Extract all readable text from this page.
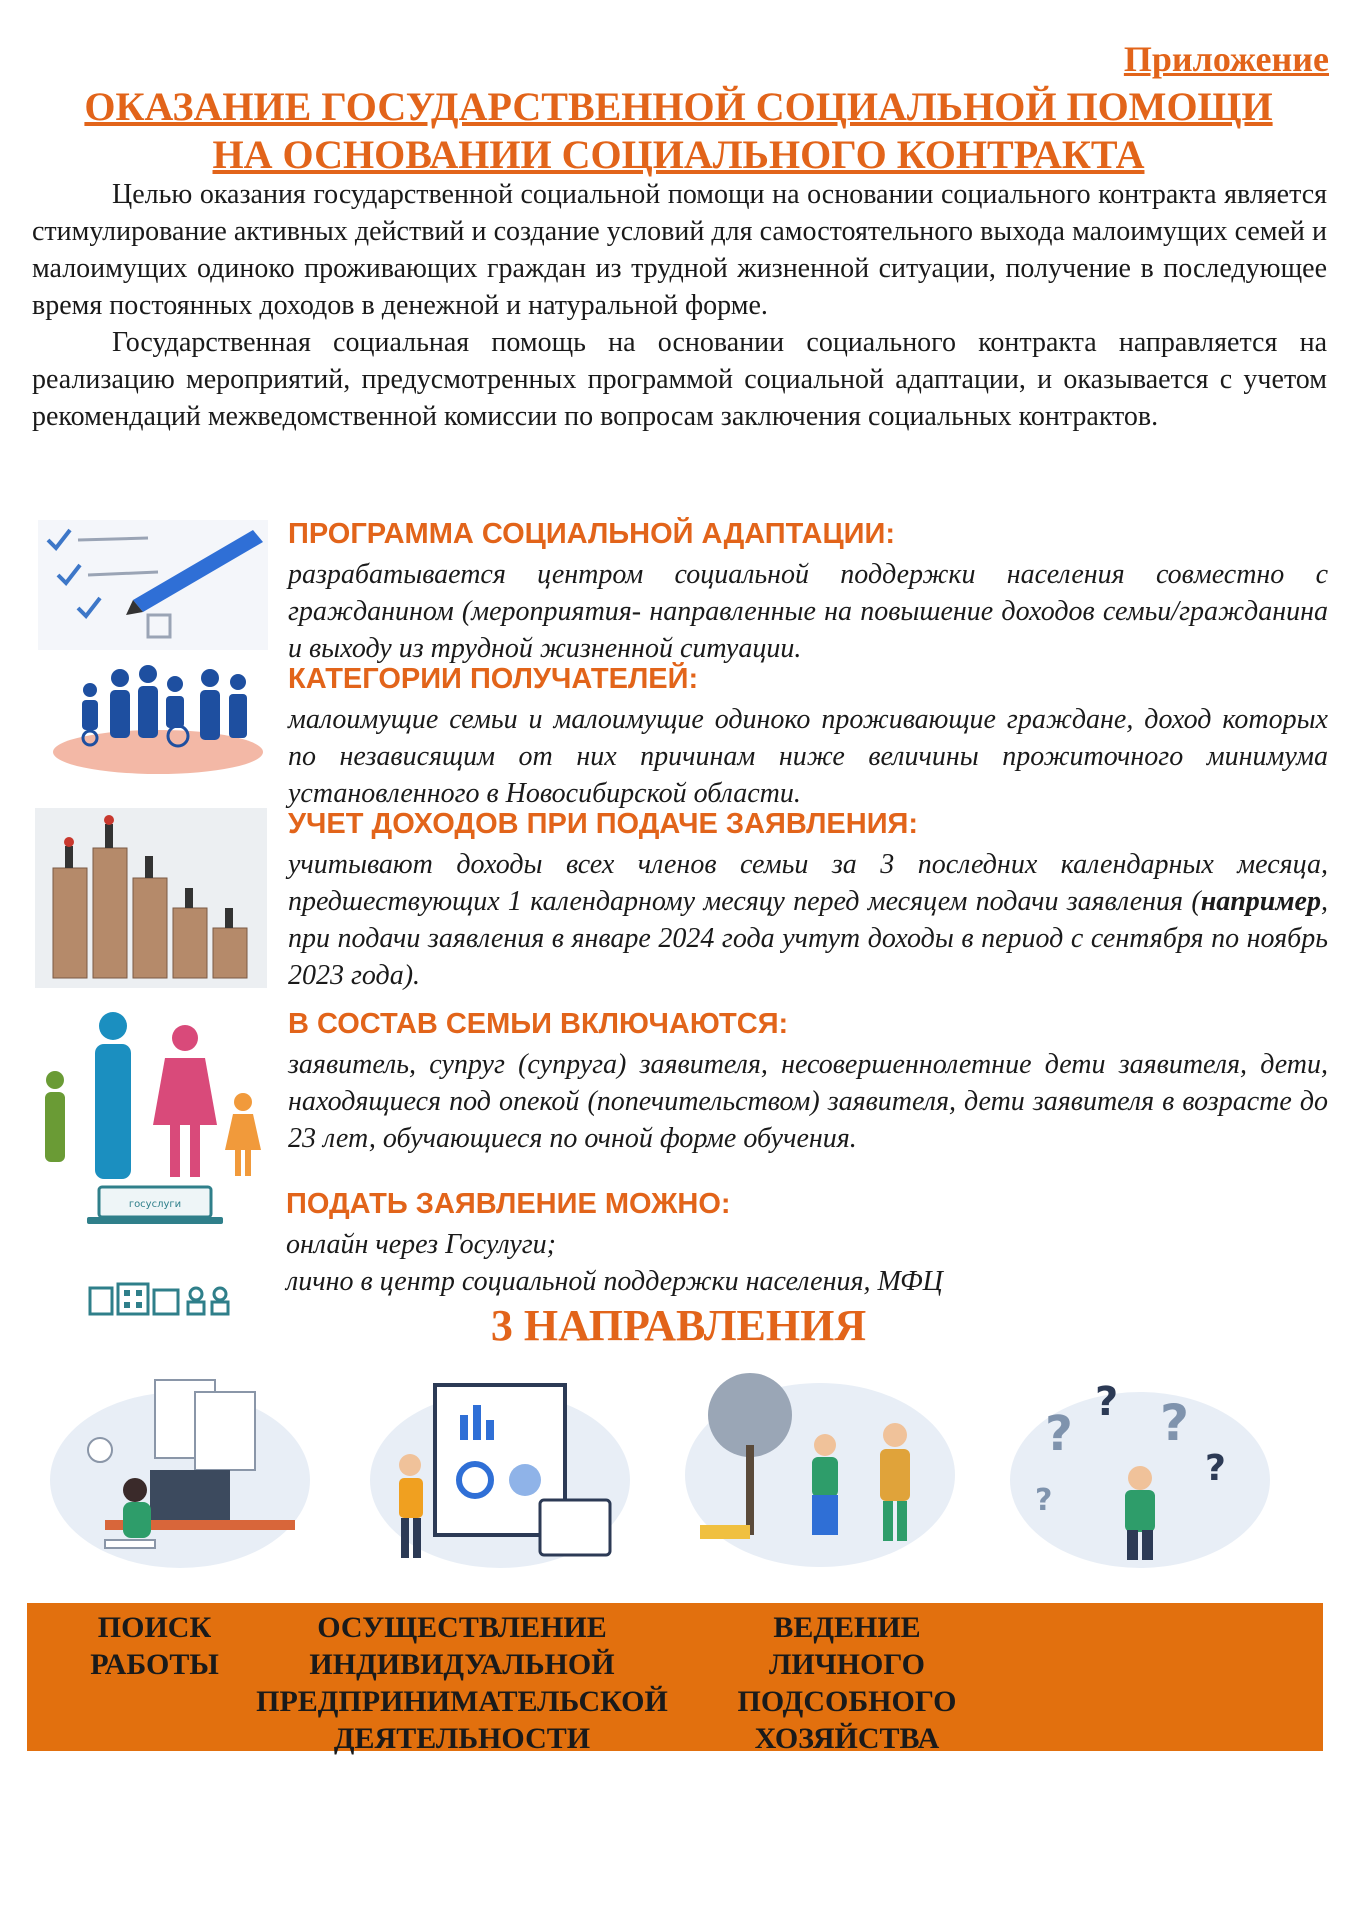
Приложение
ОКАЗАНИЕ ГОСУДАРСТВЕННОЙ СОЦИАЛЬНОЙ ПОМОЩИ
НА ОСНОВАНИИ СОЦИАЛЬНОГО КОНТРАКТА

Целью оказания государственной социальной помощи на основании социального контракта является стимулирование активных действий и создание условий для самостоятельного выхода малоимущих семей и малоимущих одиноко проживающих граждан из трудной жизненной ситуации, получение в последующее время постоянных доходов в денежной и натуральной форме.

Государственная социальная помощь на основании социального контракта направляется на реализацию мероприятий, предусмотренных программой социальной адаптации, и оказывается с учетом рекомендаций межведомственной комиссии по вопросам заключения социальных контрактов.

ПРОГРАММА СОЦИАЛЬНОЙ АДАПТАЦИИ:
разрабатывается центром социальной поддержки населения совместно с гражданином (мероприятия- направленные на повышение доходов семьи/гражданина и выходу из трудной жизненной ситуации.
КАТЕГОРИИ ПОЛУЧАТЕЛЕЙ:
малоимущие семьи и малоимущие одиноко проживающие граждане, доход которых по независящим от них причинам ниже величины прожиточного минимума установленного в Новосибирской области.
УЧЕТ ДОХОДОВ ПРИ ПОДАЧЕ ЗАЯВЛЕНИЯ:
учитывают доходы всех членов семьи за 3 последних календарных месяца, предшествующих 1 календарному месяцу перед месяцем подачи заявления (например, при подачи заявления в январе 2024 года учтут доходы в период с сентября по ноябрь 2023 года).
В СОСТАВ СЕМЬИ ВКЛЮЧАЮТСЯ:
заявитель, супруг (супруга) заявителя, несовершеннолетние дети заявителя, дети, находящиеся под опекой (попечительством) заявителя, дети заявителя в возрасте до 23 лет, обучающиеся по очной форме обучения.
госуслуги	ПОДАТЬ ЗАЯВЛЕНИЕ МОЖНО:
онлайн через Госулуги;
лично в центр социальной поддержки населения, МФЦ
3 НАПРАВЛЕНИЯ
?
? ?
?
?
ПОИСК
РАБОТЫ
ОСУЩЕСТВЛЕНИЕ
ИНДИВИДУАЛЬНОЙ
ПРЕДПРИНИМАТЕЛЬСКОЙ
ДЕЯТЕЛЬНОСТИ
ВЕДЕНИЕ
ЛИЧНОГО
ПОДСОБНОГО
ХОЗЯЙСТВА
